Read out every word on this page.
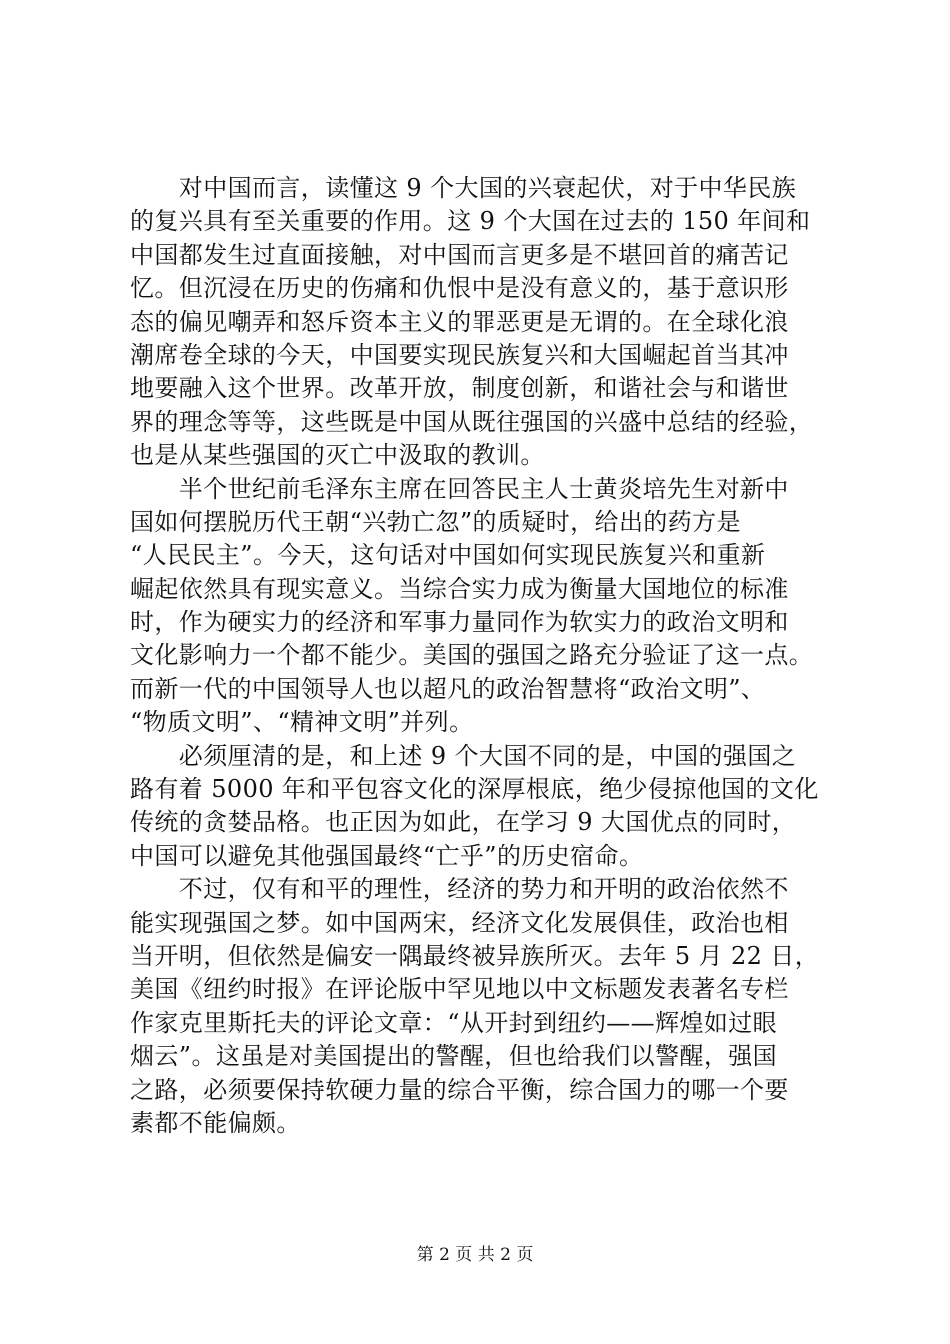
　　对中国而言，读懂这 9 个大国的兴衰起伏，对于中华民族
的复兴具有至关重要的作用。这 9 个大国在过去的 150 年间和
中国都发生过直面接触，对中国而言更多是不堪回首的痛苦记
忆。但沉浸在历史的伤痛和仇恨中是没有意义的，基于意识形
态的偏见嘲弄和怒斥资本主义的罪恶更是无谓的。在全球化浪
潮席卷全球的今天，中国要实现民族复兴和大国崛起首当其冲
地要融入这个世界。改革开放，制度创新，和谐社会与和谐世
界的理念等等，这些既是中国从既往强国的兴盛中总结的经验，
也是从某些强国的灭亡中汲取的教训。
　　半个世纪前毛泽东主席在回答民主人士黄炎培先生对新中
国如何摆脱历代王朝“兴勃亡忽”的质疑时，给出的药方是
“人民民主”。今天，这句话对中国如何实现民族复兴和重新
崛起依然具有现实意义。当综合实力成为衡量大国地位的标准
时，作为硬实力的经济和军事力量同作为软实力的政治文明和
文化影响力一个都不能少。美国的强国之路充分验证了这一点。
而新一代的中国领导人也以超凡的政治智慧将“政治文明”、
“物质文明”、“精神文明”并列。
　　必须厘清的是，和上述 9 个大国不同的是，中国的强国之
路有着 5000 年和平包容文化的深厚根底，绝少侵掠他国的文化
传统的贪婪品格。也正因为如此，在学习 9 大国优点的同时，
中国可以避免其他强国最终“亡乎”的历史宿命。
　　不过，仅有和平的理性，经济的势力和开明的政治依然不
能实现强国之梦。如中国两宋，经济文化发展俱佳，政治也相
当开明，但依然是偏安一隅最终被异族所灭。去年 5 月 22 日，
美国《纽约时报》在评论版中罕见地以中文标题发表著名专栏
作家克里斯托夫的评论文章：“从开封到纽约——辉煌如过眼
烟云”。这虽是对美国提出的警醒，但也给我们以警醒，强国
之路，必须要保持软硬力量的综合平衡，综合国力的哪一个要
素都不能偏颇。
第 2 页 共 2 页
